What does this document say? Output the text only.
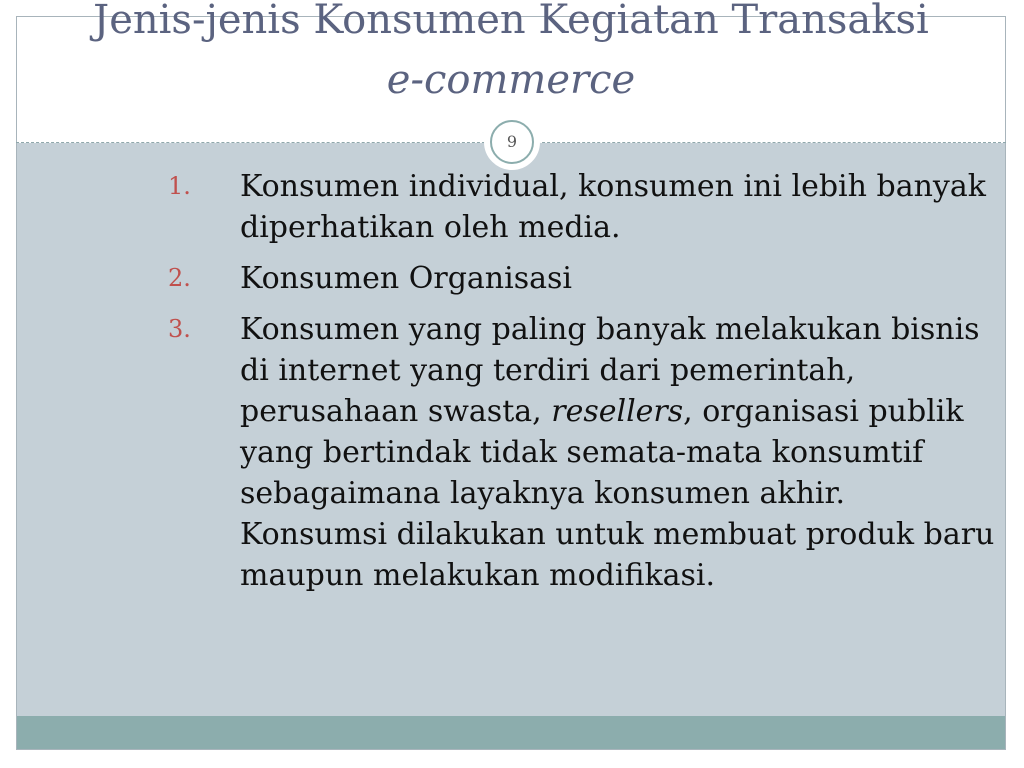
Jenis-jenis Konsumen Kegiatan Transaksi
e-commerce
9
1. Konsumen individual, konsumen ini lebih banyak diperhatikan oleh media.
2. Konsumen Organisasi
3. Konsumen yang paling banyak melakukan bisnis di internet yang terdiri dari pemerintah, perusahaan swasta, resellers, organisasi publik yang bertindak tidak semata-mata konsumtif sebagaimana layaknya konsumen akhir. Konsumsi dilakukan untuk membuat produk baru maupun melakukan modifikasi.
